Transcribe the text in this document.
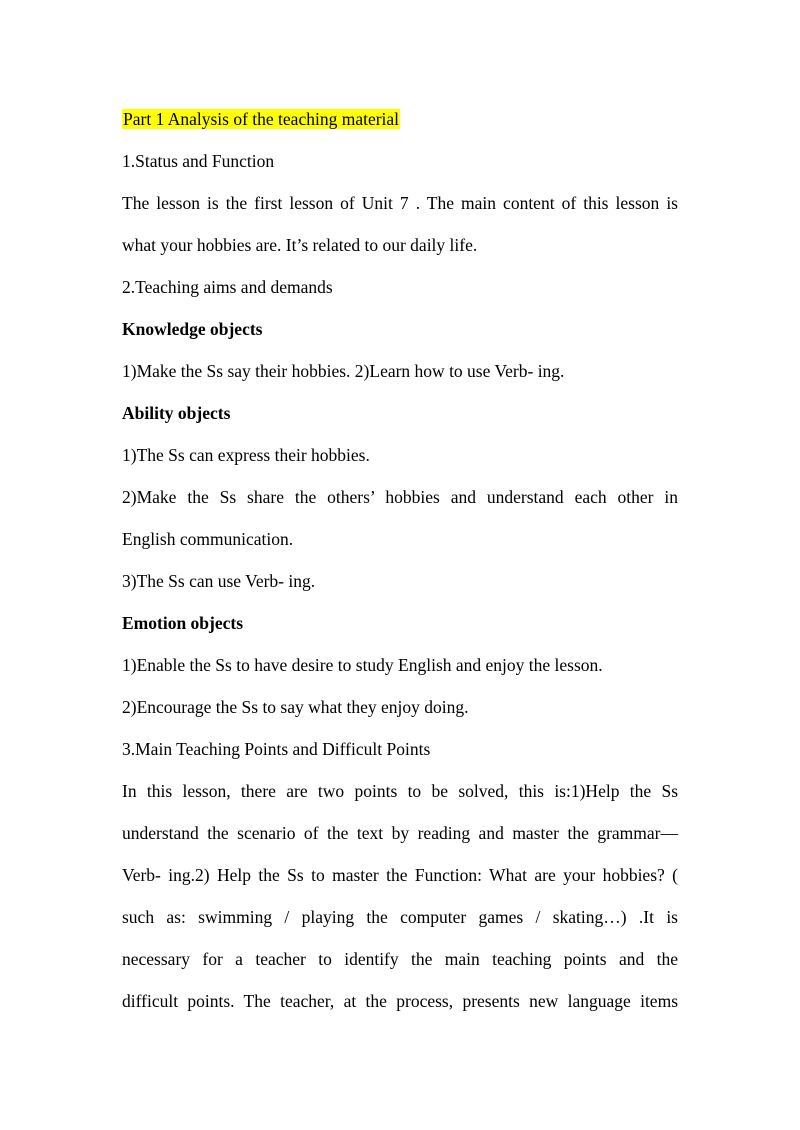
Part 1 Analysis of the teaching material
1.Status and Function
The lesson is the first lesson of Unit 7 . The main content of this lesson is
what your hobbies are. It’s related to our daily life.
2.Teaching aims and demands
Knowledge objects
1)Make the Ss say their hobbies. 2)Learn how to use Verb- ing.
Ability objects
1)The Ss can express their hobbies.
2)Make the Ss share the others’ hobbies and understand each other in
English communication.
3)The Ss can use Verb- ing.
Emotion objects
1)Enable the Ss to have desire to study English and enjoy the lesson.
2)Encourage the Ss to say what they enjoy doing.
3.Main Teaching Points and Difficult Points
In this lesson, there are two points to be solved, this is:1)Help the Ss
understand the scenario of the text by reading and master the grammar—
Verb- ing.2) Help the Ss to master the Function: What are your hobbies? (
such as: swimming / playing the computer games / skating…) .It is
necessary for a teacher to identify the main teaching points and the
difficult points. The teacher, at the process, presents new language items
